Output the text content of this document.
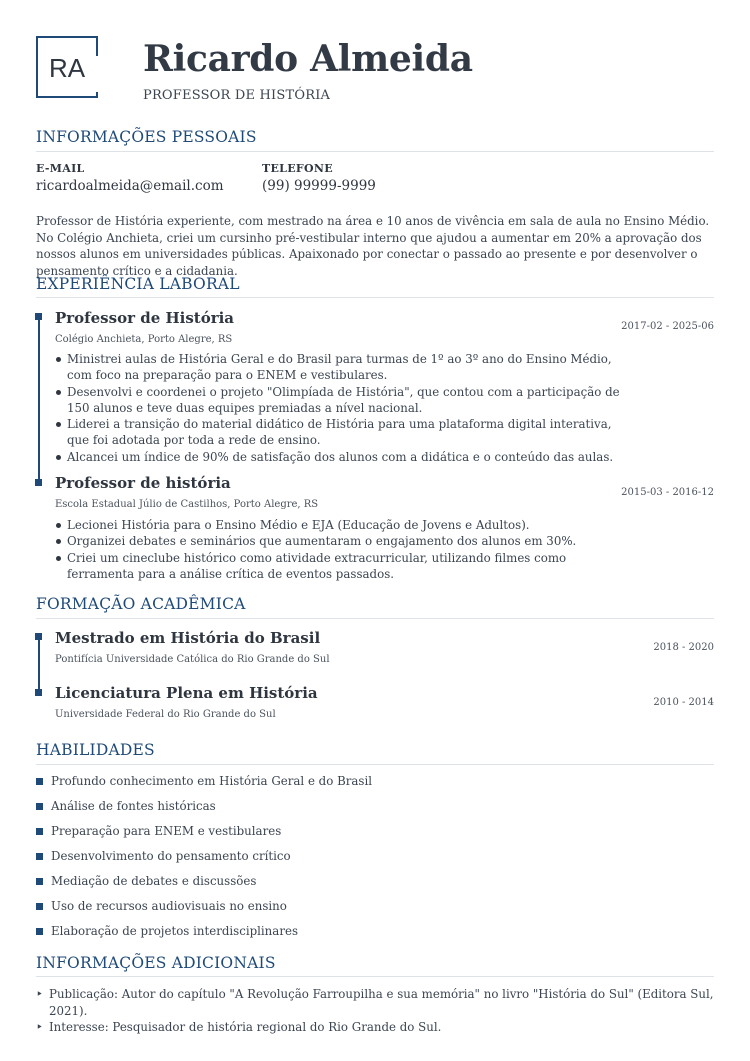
RA	Ricardo Almeida
PROFESSOR DE HISTÓRIA
INFORMAÇÕES PESSOAIS
E-MAIL
ricardoalmeida@email.com
TELEFONE
(99) 99999-9999
Professor de História experiente, com mestrado na área e 10 anos de vivência em sala de aula no Ensino Médio. No Colégio Anchieta, criei um cursinho pré-vestibular interno que ajudou a aumentar em 20% a aprovação dos nossos alunos em universidades públicas. Apaixonado por conectar o passado ao presente e por desenvolver o pensamento crítico e a cidadania.
EXPERIÊNCIA LABORAL
Professor de História	2017-02 - 2025-06
Colégio Anchieta, Porto Alegre, RS
Ministrei aulas de História Geral e do Brasil para turmas de 1º ao 3º ano do Ensino Médio, com foco na preparação para o ENEM e vestibulares.
Desenvolvi e coordenei o projeto "Olimpíada de História", que contou com a participação de 150 alunos e teve duas equipes premiadas a nível nacional.
Liderei a transição do material didático de História para uma plataforma digital interativa, que foi adotada por toda a rede de ensino.
Alcancei um índice de 90% de satisfação dos alunos com a didática e o conteúdo das aulas.
Professor de história
2015-03 - 2016-12
Escola Estadual Júlio de Castilhos, Porto Alegre, RS
Lecionei História para o Ensino Médio e EJA (Educação de Jovens e Adultos).
Organizei debates e seminários que aumentaram o engajamento dos alunos em 30%.
Criei um cineclube histórico como atividade extracurricular, utilizando filmes como ferramenta para a análise crítica de eventos passados.
FORMAÇÃO ACADÊMICA
Mestrado em História do Brasil
2018 - 2020
Pontifícia Universidade Católica do Rio Grande do Sul
Licenciatura Plena em História
2010 - 2014
Universidade Federal do Rio Grande do Sul
HABILIDADES
Profundo conhecimento em História Geral e do Brasil
Análise de fontes históricas
Preparação para ENEM e vestibulares
Desenvolvimento do pensamento crítico
Mediação de debates e discussões
Uso de recursos audiovisuais no ensino
Elaboração de projetos interdisciplinares
INFORMAÇÕES ADICIONAIS
‣ Publicação: Autor do capítulo "A Revolução Farroupilha e sua memória" no livro "História do Sul" (Editora Sul, 2021).
‣ Interesse: Pesquisador de história regional do Rio Grande do Sul.
